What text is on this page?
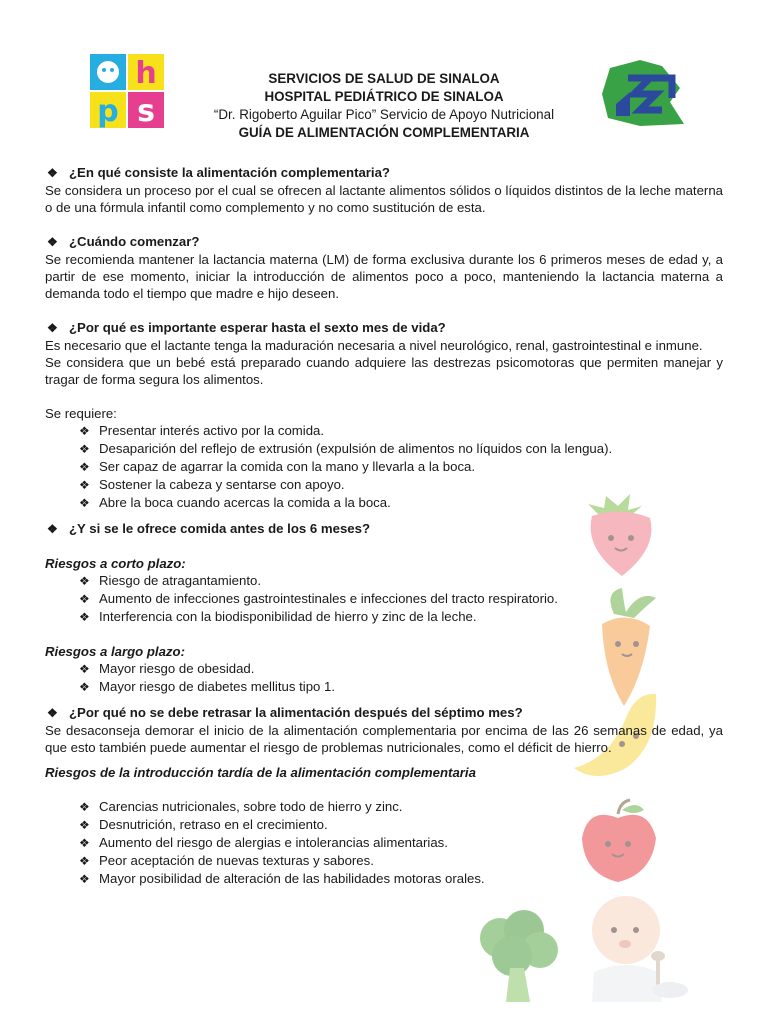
h
p s
SERVICIOS DE SALUD DE SINALOA
HOSPITAL PEDIÁTRICO DE SINALOA
“Dr. Rigoberto Aguilar Pico” Servicio de Apoyo Nutricional
GUÍA DE ALIMENTACIÓN COMPLEMENTARIA
❖ ¿En qué consiste la alimentación complementaria?

Se considera un proceso por el cual se ofrecen al lactante alimentos sólidos o líquidos distintos de la leche materna o de una fórmula infantil como complemento y no como sustitución de esta.

❖ ¿Cuándo comenzar?

Se recomienda mantener la lactancia materna (LM) de forma exclusiva durante los 6 primeros meses de edad y, a partir de ese momento, iniciar la introducción de alimentos poco a poco, manteniendo la lactancia materna a demanda todo el tiempo que madre e hijo deseen.

❖ ¿Por qué es importante esperar hasta el sexto mes de vida?

Es necesario que el lactante tenga la maduración necesaria a nivel neurológico, renal, gastrointestinal e inmune.

Se considera que un bebé está preparado cuando adquiere las destrezas psicomotoras que permiten manejar y tragar de forma segura los alimentos.

Se requiere:

❖ Presentar interés activo por la comida.
❖ Desaparición del reflejo de extrusión (expulsión de alimentos no líquidos con la lengua).
❖ Ser capaz de agarrar la comida con la mano y llevarla a la boca.
❖ Sostener la cabeza y sentarse con apoyo.
❖ Abre la boca cuando acercas la comida a la boca.
❖ ¿Y si se le ofrece comida antes de los 6 meses?

Riesgos a corto plazo:

❖ Riesgo de atragantamiento.
❖ Aumento de infecciones gastrointestinales e infecciones del tracto respiratorio.
❖ Interferencia con la biodisponibilidad de hierro y zinc de la leche.

Riesgos a largo plazo:

❖ Mayor riesgo de obesidad.
❖ Mayor riesgo de diabetes mellitus tipo 1.
❖ ¿Por qué no se debe retrasar la alimentación después del séptimo mes?

Se desaconseja demorar el inicio de la alimentación complementaria por encima de las 26 semanas de edad, ya que esto también puede aumentar el riesgo de problemas nutricionales, como el déficit de hierro.

Riesgos de la introducción tardía de la alimentación complementaria

❖ Carencias nutricionales, sobre todo de hierro y zinc.
❖ Desnutrición, retraso en el crecimiento.
❖ Aumento del riesgo de alergias e intolerancias alimentarias.
❖ Peor aceptación de nuevas texturas y sabores.
❖ Mayor posibilidad de alteración de las habilidades motoras orales.
